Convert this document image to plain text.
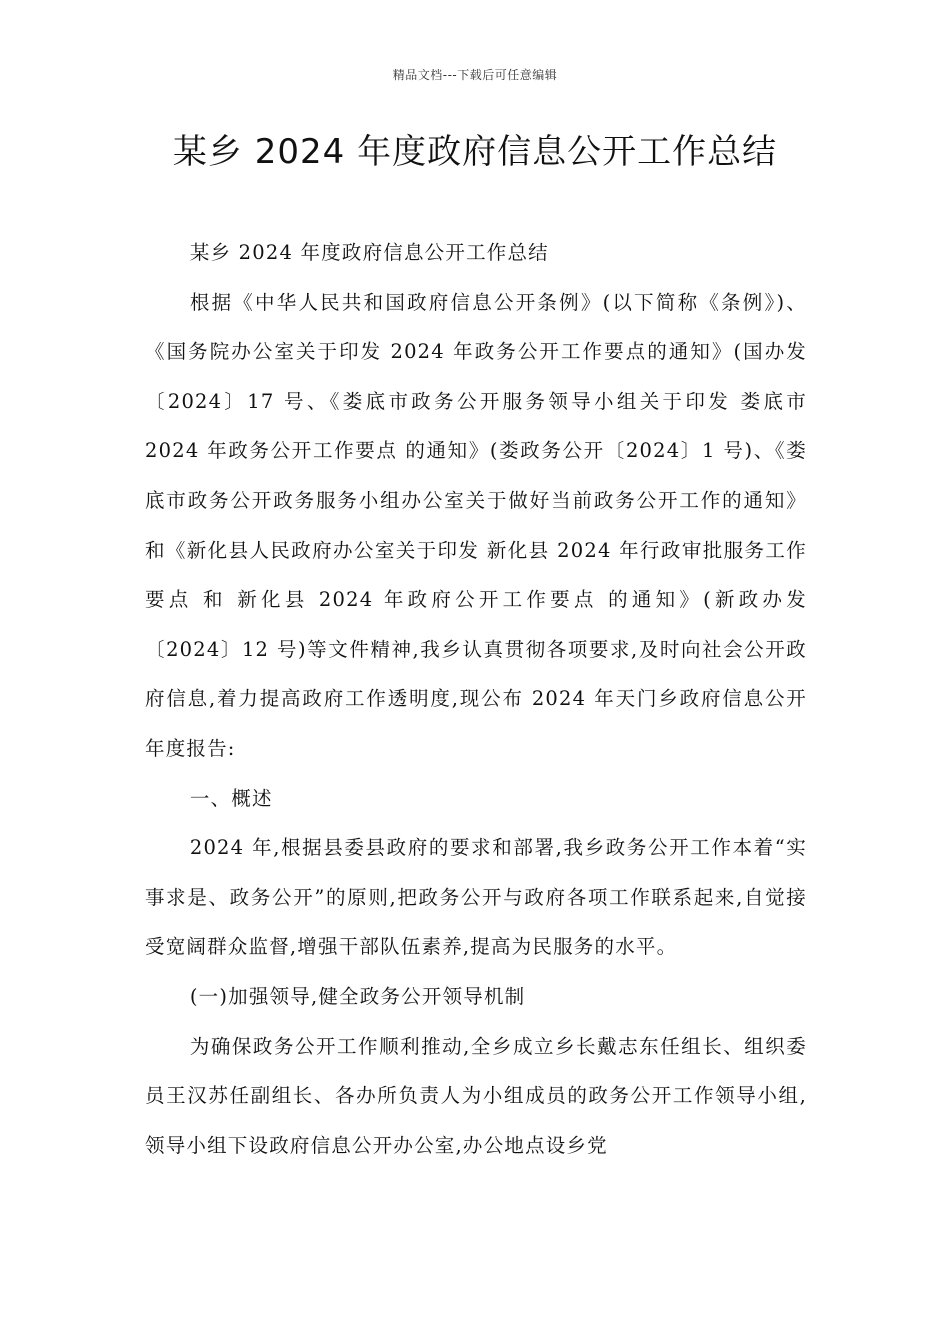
精品文档---下载后可任意编辑
某乡 2024 年度政府信息公开工作总结

某乡 2024 年度政府信息公开工作总结

根据《中华人民共和国政府信息公开条例》(以下简称《条例》)、《国务院办公室关于印发 2024 年政务公开工作要点的通知》(国办发〔2024〕17 号、《娄底市政务公开服务领导小组关于印发 娄底市 2024 年政务公开工作要点 的通知》(娄政务公开〔2024〕1 号)、《娄底市政务公开政务服务小组办公室关于做好当前政务公开工作的通知》和《新化县人民政府办公室关于印发 新化县 2024 年行政审批服务工作要点 和 新化县 2024 年政府公开工作要点 的通知》(新政办发〔2024〕12 号)等文件精神,我乡认真贯彻各项要求,及时向社会公开政府信息,着力提高政府工作透明度,现公布 2024 年天门乡政府信息公开年度报告:

一、概述

2024 年,根据县委县政府的要求和部署,我乡政务公开工作本着“实事求是、政务公开”的原则,把政务公开与政府各项工作联系起来,自觉接受宽阔群众监督,增强干部队伍素养,提高为民服务的水平。

(一)加强领导,健全政务公开领导机制

为确保政务公开工作顺利推动,全乡成立乡长戴志东任组长、组织委员王汉苏任副组长、各办所负责人为小组成员的政务公开工作领导小组,领导小组下设政府信息公开办公室,办公地点设乡党
